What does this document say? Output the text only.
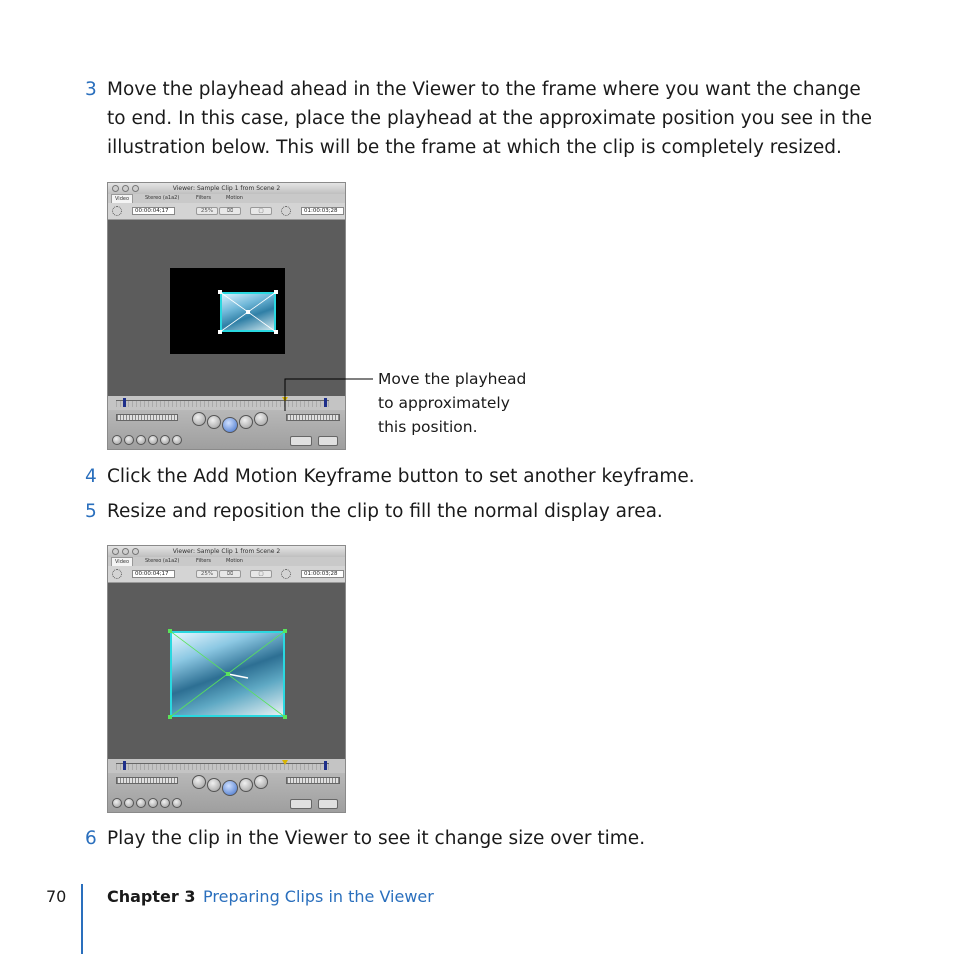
3 Move the playhead ahead in the Viewer to the frame where you want the change
to end. In this case, place the playhead at the approximate position you see in the
illustration below. This will be the frame at which the clip is completely resized.
Viewer: Sample Clip 1 from Scene 2
Video	Stereo (a1a2)	Filters	Motion
00:00:04;17	25%	⌧	▢	01:00:03;28
Move the playhead
to approximately
this position.
4 Click the Add Motion Keyframe button to set another keyframe.
5 Resize and reposition the clip to fill the normal display area.
Viewer: Sample Clip 1 from Scene 2
Video	Stereo (a1a2)	Filters	Motion
00:00:04;17	25%	⌧	▢	01:00:03;28
6 Play the clip in the Viewer to see it change size over time.
70	Chapter 3 Preparing Clips in the Viewer
